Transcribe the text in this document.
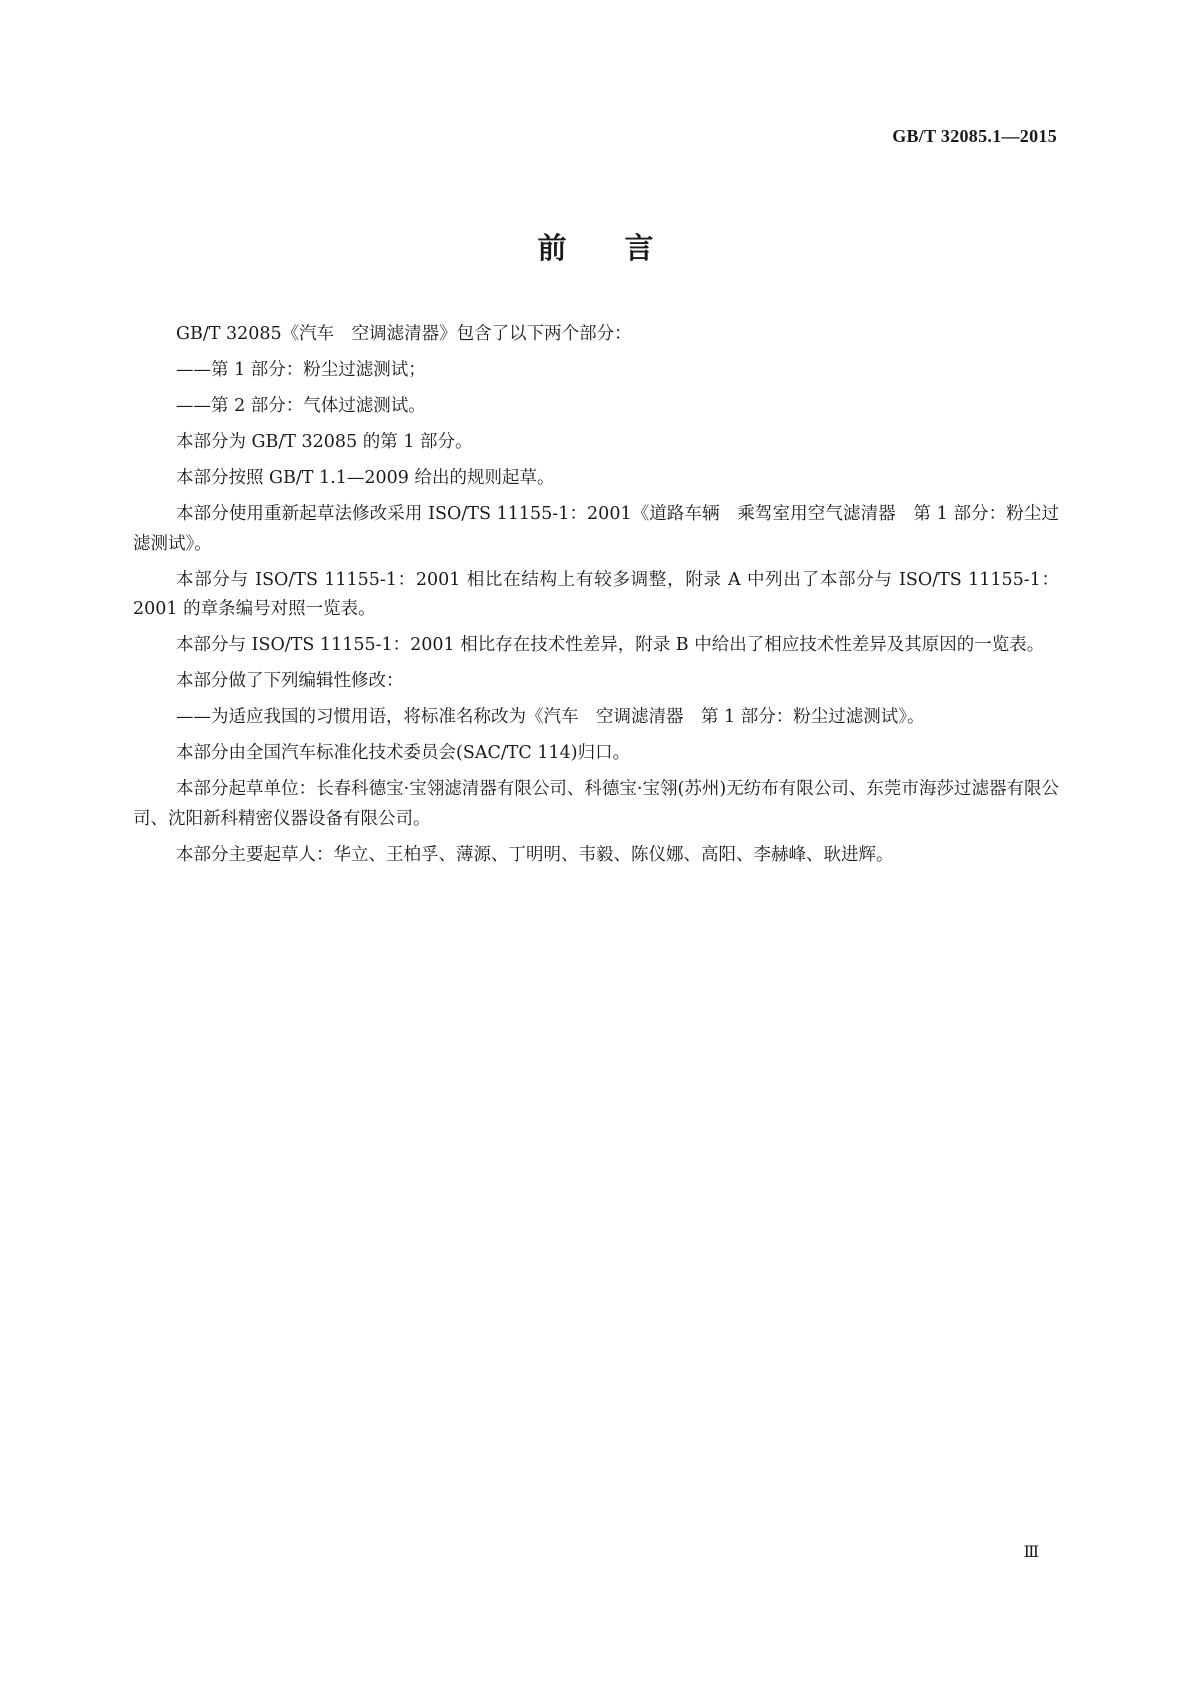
GB/T 32085.1—2015
前 言

GB/T 32085《汽车　空调滤清器》包含了以下两个部分：

——第 1 部分：粉尘过滤测试；

——第 2 部分：气体过滤测试。

本部分为 GB/T 32085 的第 1 部分。

本部分按照 GB/T 1.1—2009 给出的规则起草。

本部分使用重新起草法修改采用 ISO/TS 11155-1：2001《道路车辆　乘驾室用空气滤清器　第 1 部分：粉尘过滤测试》。

本部分与 ISO/TS 11155-1：2001 相比在结构上有较多调整，附录 A 中列出了本部分与 ISO/TS 11155-1：2001 的章条编号对照一览表。

本部分与 ISO/TS 11155-1：2001 相比存在技术性差异，附录 B 中给出了相应技术性差异及其原因的一览表。

本部分做了下列编辑性修改：

——为适应我国的习惯用语，将标准名称改为《汽车　空调滤清器　第 1 部分：粉尘过滤测试》。

本部分由全国汽车标准化技术委员会(SAC/TC 114)归口。

本部分起草单位：长春科德宝·宝翎滤清器有限公司、科德宝·宝翎(苏州)无纺布有限公司、东莞市海莎过滤器有限公司、沈阳新科精密仪器设备有限公司。

本部分主要起草人：华立、王柏孚、薄源、丁明明、韦毅、陈仪娜、高阳、李赫峰、耿进辉。

Ⅲ
